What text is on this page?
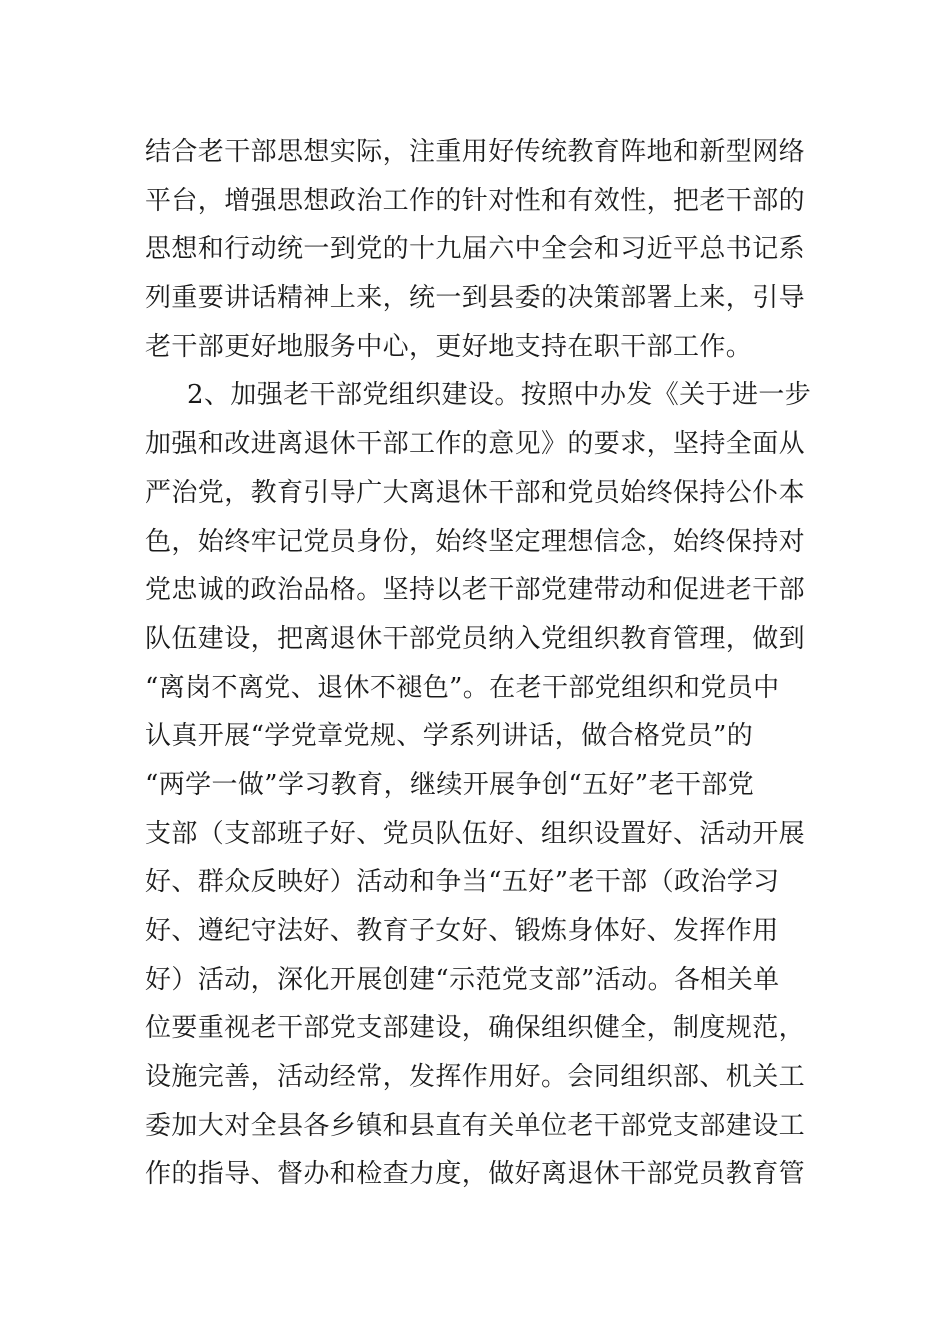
结合老干部思想实际，注重用好传统教育阵地和新型网络
平台，增强思想政治工作的针对性和有效性，把老干部的
思想和行动统一到党的十九届六中全会和习近平总书记系
列重要讲话精神上来，统一到县委的决策部署上来，引导
老干部更好地服务中心，更好地支持在职干部工作。
2、加强老干部党组织建设。按照中办发《关于进一步
加强和改进离退休干部工作的意见》的要求，坚持全面从
严治党，教育引导广大离退休干部和党员始终保持公仆本
色，始终牢记党员身份，始终坚定理想信念，始终保持对
党忠诚的政治品格。坚持以老干部党建带动和促进老干部
队伍建设，把离退休干部党员纳入党组织教育管理，做到
“离岗不离党、退休不褪色”。在老干部党组织和党员中
认真开展“学党章党规、学系列讲话，做合格党员”的
“两学一做”学习教育，继续开展争创“五好”老干部党
支部（支部班子好、党员队伍好、组织设置好、活动开展
好、群众反映好）活动和争当“五好”老干部（政治学习
好、遵纪守法好、教育子女好、锻炼身体好、发挥作用
好）活动，深化开展创建“示范党支部”活动。各相关单
位要重视老干部党支部建设，确保组织健全，制度规范，
设施完善，活动经常，发挥作用好。会同组织部、机关工
委加大对全县各乡镇和县直有关单位老干部党支部建设工
作的指导、督办和检查力度，做好离退休干部党员教育管
